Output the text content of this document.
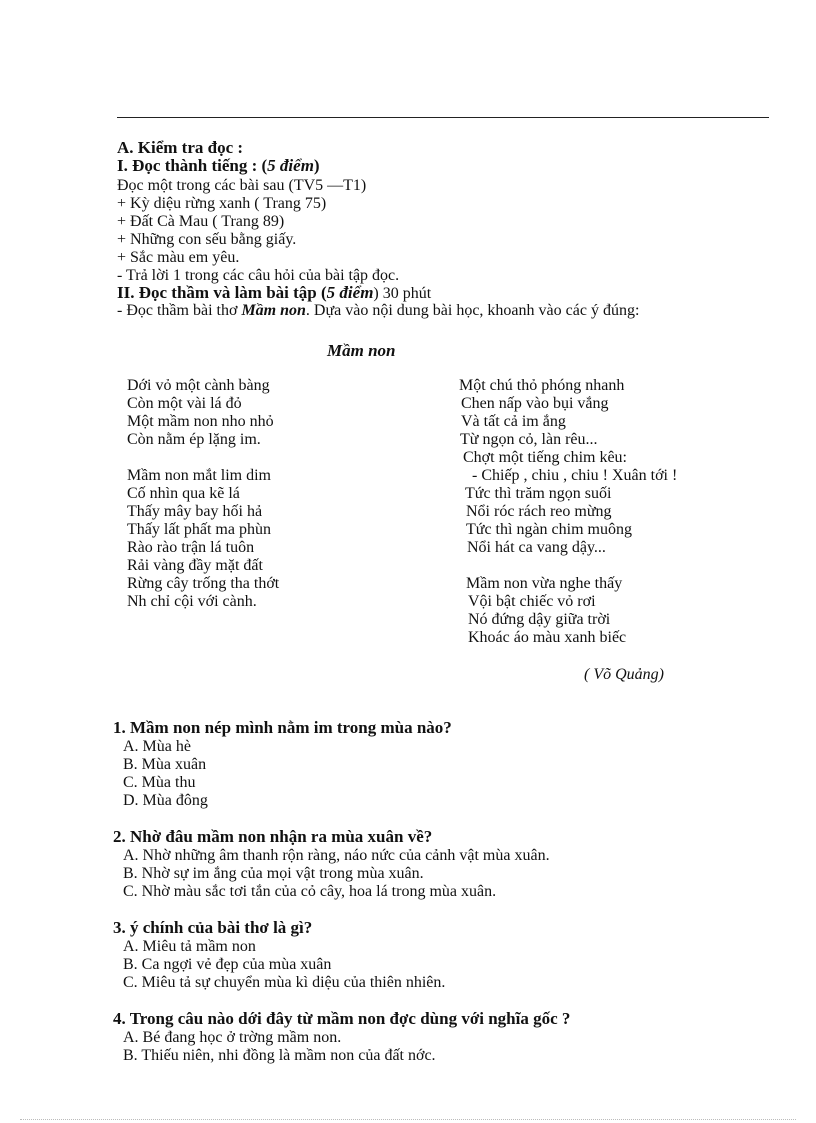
A. Kiểm tra đọc :
I. Đọc thành tiếng : (5 điểm)
Đọc một trong các bài sau (TV5 —T1)
+ Kỳ diệu rừng xanh ( Trang 75)
+ Đất Cà Mau ( Trang 89)
+ Những con sếu bằng giấy.
+ Sắc màu em yêu.
- Trả lời 1 trong các câu hỏi của bài tập đọc.
II. Đọc thầm và làm bài tập (5 điểm) 30 phút
- Đọc thầm bài thơ Mầm non. Dựa vào nội dung bài học, khoanh vào các ý đúng:
Mầm non
Dới vỏ một cành bàng
Còn một vài lá đỏ
Một mầm non nho nhỏ
Còn nằm ép lặng im.
Mầm non mắt lim dim
Cố nhìn qua kẽ lá
Thấy mây bay hối hả
Thấy lất phất ma phùn
Rào rào trận lá tuôn
Rải vàng đầy mặt đất
Rừng cây trống tha thớt
Nh chỉ cội với cành.
Một chú thỏ phóng nhanh
Chen nấp vào bụi vắng
Và tất cả im ắng
Từ ngọn cỏ, làn rêu...
Chợt một tiếng chim kêu:
- Chiếp , chiu , chiu ! Xuân tới !
Tức thì trăm ngọn suối
Nổi róc rách reo mừng
Tức thì ngàn chim muông
Nổi hát ca vang dậy...
Mầm non vừa nghe thấy
Vội bật chiếc vỏ rơi
Nó đứng dậy giữa trời
Khoác áo màu xanh biếc
( Võ Quảng)
1. Mầm non nép mình nằm im trong mùa nào?
A. Mùa hè
B. Mùa xuân
C. Mùa thu
D. Mùa đông
2. Nhờ đâu mầm non nhận ra mùa xuân về?
A. Nhờ những âm thanh rộn ràng, náo nức của cảnh vật mùa xuân.
B. Nhờ sự im ắng của mọi vật trong mùa xuân.
C. Nhờ màu sắc tơi tắn của cỏ cây, hoa lá trong mùa xuân.
3. ý chính của bài thơ là gì?
A. Miêu tả mầm non
B. Ca ngợi vẻ đẹp của mùa xuân
C. Miêu tả sự chuyển mùa kì diệu của thiên nhiên.
4. Trong câu nào dới đây từ mầm non đợc dùng với nghĩa gốc ?
A. Bé đang học ở trờng mầm non.
B. Thiếu niên, nhi đồng là mầm non của đất nớc.
